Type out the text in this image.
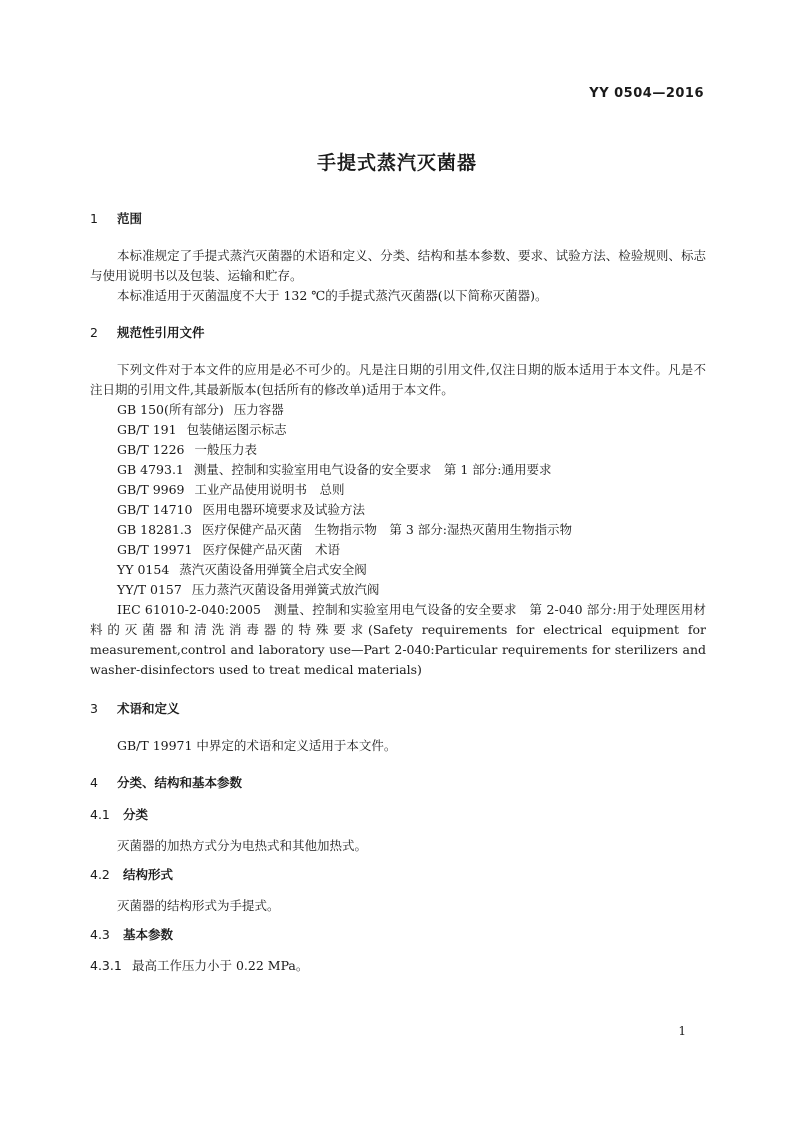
YY 0504—2016
手提式蒸汽灭菌器
1 范围

本标准规定了手提式蒸汽灭菌器的术语和定义、分类、结构和基本参数、要求、试验方法、检验规则、标志与使用说明书以及包装、运输和贮存。

本标准适用于灭菌温度不大于 132 ℃的手提式蒸汽灭菌器(以下简称灭菌器)。

2 规范性引用文件

下列文件对于本文件的应用是必不可少的。凡是注日期的引用文件,仅注日期的版本适用于本文件。凡是不注日期的引用文件,其最新版本(包括所有的修改单)适用于本文件。

GB 150(所有部分) 压力容器

GB/T 191 包装储运图示标志

GB/T 1226 一般压力表

GB 4793.1 测量、控制和实验室用电气设备的安全要求　第 1 部分:通用要求

GB/T 9969 工业产品使用说明书　总则

GB/T 14710 医用电器环境要求及试验方法

GB 18281.3 医疗保健产品灭菌　生物指示物　第 3 部分:湿热灭菌用生物指示物

GB/T 19971 医疗保健产品灭菌　术语

YY 0154 蒸汽灭菌设备用弹簧全启式安全阀

YY/T 0157 压力蒸汽灭菌设备用弹簧式放汽阀

IEC 61010-2-040:2005　测量、控制和实验室用电气设备的安全要求　第 2-040 部分:用于处理医用材料的灭菌器和清洗消毒器的特殊要求(Safety requirements for electrical equipment for measurement,control and laboratory use—Part 2-040:Particular requirements for sterilizers and washer-disinfectors used to treat medical materials)

3 术语和定义

GB/T 19971 中界定的术语和定义适用于本文件。

4 分类、结构和基本参数
4.1 分类

灭菌器的加热方式分为电热式和其他加热式。

4.2 结构形式

灭菌器的结构形式为手提式。

4.3 基本参数

4.3.1 最高工作压力小于 0.22 MPa。

1
